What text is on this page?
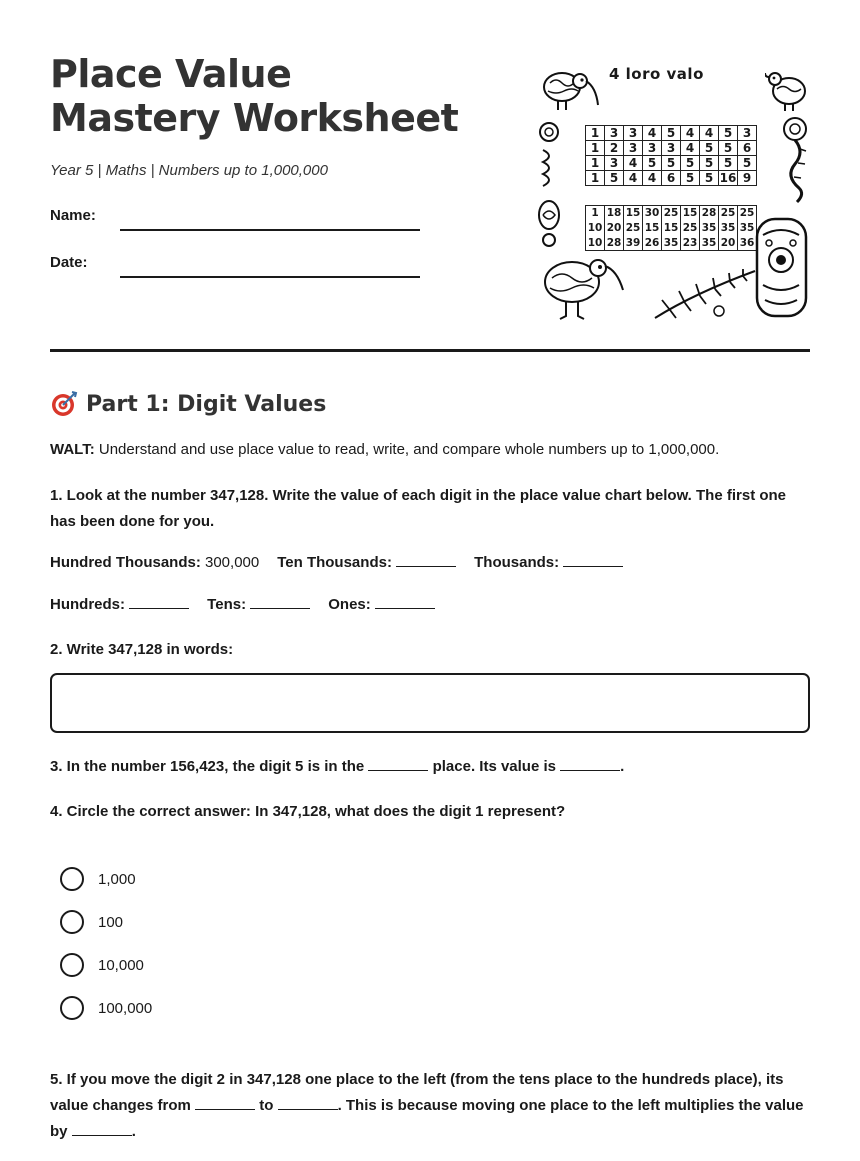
Place Value Mastery Worksheet
Year 5 | Maths | Numbers up to 1,000,000
Name:
Date:
4 loro valo
1	3	3	4	5	4	4	5	3
1	2	3	3	3	4	5	5	6
1	3	4	5	5	5	5	5	5
1	5	4	4	6	5	5	16	9
1	18	15	30	25	15	28	25	25
10	20	25	15	15	25	35	35	35
10	28	39	26	35	23	35	20	36
Part 1: Digit Values
WALT: Understand and use place value to read, write, and compare whole numbers up to 1,000,000.
1. Look at the number 347,128. Write the value of each digit in the place value chart below. The first one has been done for you.
Hundred Thousands: 300,000 Ten Thousands:	Thousands:
Hundreds:	Tens:	Ones:
2. Write 347,128 in words:
3. In the number 156,423, the digit 5 is in the	place. Its value is	.
4. Circle the correct answer: In 347,128, what does the digit 1 represent?
1,000
100
10,000
100,000
5. If you move the digit 2 in 347,128 one place to the left (from the tens place to the hundreds place), its value changes from	to	. This is because moving one place to the left multiplies the value by	.
